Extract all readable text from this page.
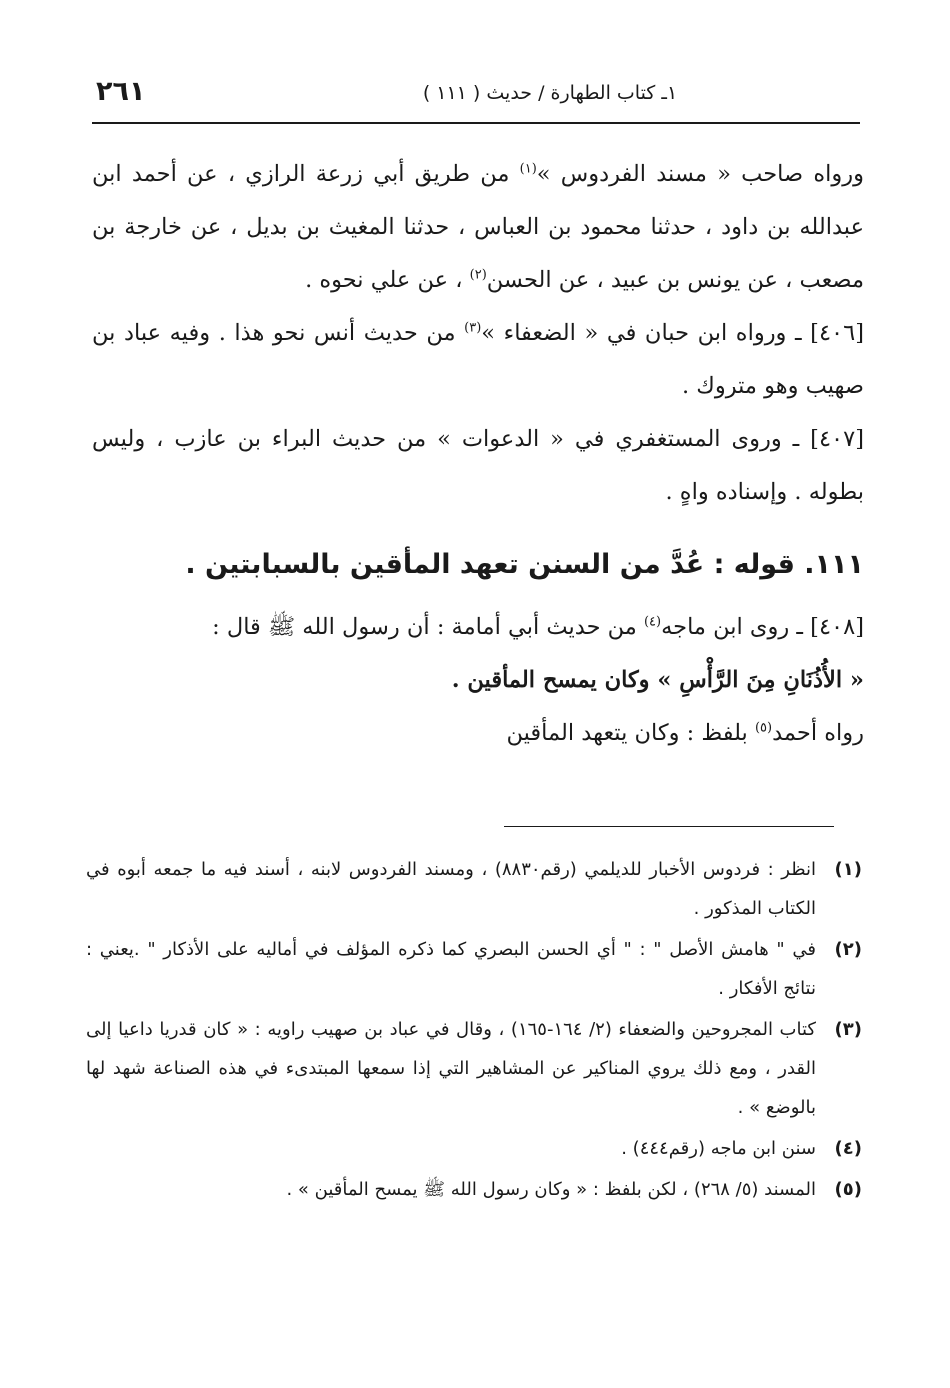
١ـ كتاب الطهارة / حديث ( ١١١ )
٢٦١

ورواه صاحب « مسند الفردوس »$^{(١)}$ من طريق أبي زرعة الرازي ، عن أحمد ابن عبدالله بن داود ، حدثنا محمود بن العباس ، حدثنا المغيث بن بديل ، عن خارجة بن مصعب ، عن يونس بن عبيد ، عن الحسن$^{(٢)}$ ، عن علي نحوه .

[٤٠٦] ـ ورواه ابن حبان في « الضعفاء »$^{(٣)}$ من حديث أنس نحو هذا . وفيه عباد بن صهيب وهو متروك .

[٤٠٧] ـ وروى المستغفري في « الدعوات » من حديث البراء بن عازب ، وليس بطوله . وإسناده واهٍ .

١١١. قوله : عُدَّ من السنن تعهد المأقين بالسبابتين .

[٤٠٨] ـ روى ابن ماجه$^{(٤)}$ من حديث أبي أمامة : أن رسول الله ﷺ قال :
« الأُذُنَانِ مِنَ الرَّأْسِ » وكان يمسح المأقين .

رواه أحمد$^{(٥)}$ بلفظ : وكان يتعهد المأقين

(١)
انظر : فردوس الأخبار للديلمي (رقم٨٨٣٠) ، ومسند الفردوس لابنه ، أسند فيه ما جمعه أبوه في الكتاب المذكور .

(٢)
في " هامش الأصل " : " أي الحسن البصري كما ذكره المؤلف في أماليه على الأذكار " .يعني : نتائج الأفكار .

(٣)
كتاب المجروحين والضعفاء (٢/ ١٦٤-١٦٥) ، وقال في عباد بن صهيب راويه : « كان قدريا داعيا إلى القدر ، ومع ذلك يروي المناكير عن المشاهير التي إذا سمعها المبتدىء في هذه الصناعة شهد لها بالوضع » .

(٤)
سنن ابن ماجه (رقم٤٤٤) .

(٥)
المسند (٥/ ٢٦٨) ، لكن بلفظ : « وكان رسول الله ﷺ يمسح المأقين » .
